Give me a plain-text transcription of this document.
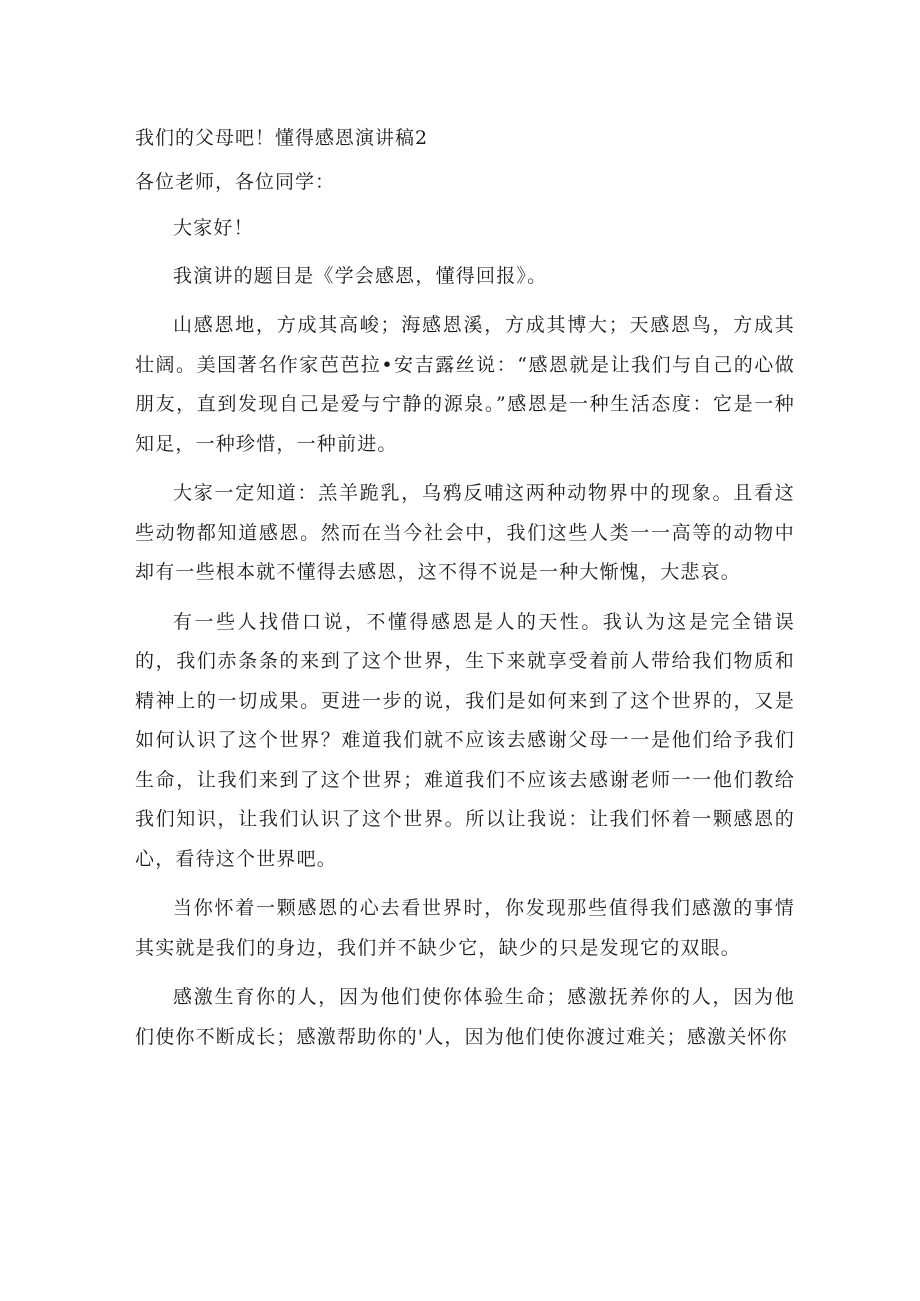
我们的父母吧！懂得感恩演讲稿2

各位老师，各位同学：

大家好！

我演讲的题目是《学会感恩，懂得回报》。

山感恩地，方成其高峻；海感恩溪，方成其博大；天感恩鸟，方成其壮阔。美国著名作家芭芭拉•安吉露丝说：“感恩就是让我们与自己的心做朋友，直到发现自己是爱与宁静的源泉。”感恩是一种生活态度：它是一种知足，一种珍惜，一种前进。

大家一定知道：羔羊跪乳，乌鸦反哺这两种动物界中的现象。且看这些动物都知道感恩。然而在当今社会中，我们这些人类一一高等的动物中却有一些根本就不懂得去感恩，这不得不说是一种大惭愧，大悲哀。

有一些人找借口说，不懂得感恩是人的天性。我认为这是完全错误的，我们赤条条的来到了这个世界，生下来就享受着前人带给我们物质和精神上的一切成果。更进一步的说，我们是如何来到了这个世界的，又是如何认识了这个世界？难道我们就不应该去感谢父母一一是他们给予我们生命，让我们来到了这个世界；难道我们不应该去感谢老师一一他们教给我们知识，让我们认识了这个世界。所以让我说：让我们怀着一颗感恩的心，看待这个世界吧。

当你怀着一颗感恩的心去看世界时，你发现那些值得我们感激的事情其实就是我们的身边，我们并不缺少它，缺少的只是发现它的双眼。

感激生育你的人，因为他们使你体验生命；感激抚养你的人，因为他们使你不断成长；感激帮助你的'人，因为他们使你渡过难关；感激关怀你
